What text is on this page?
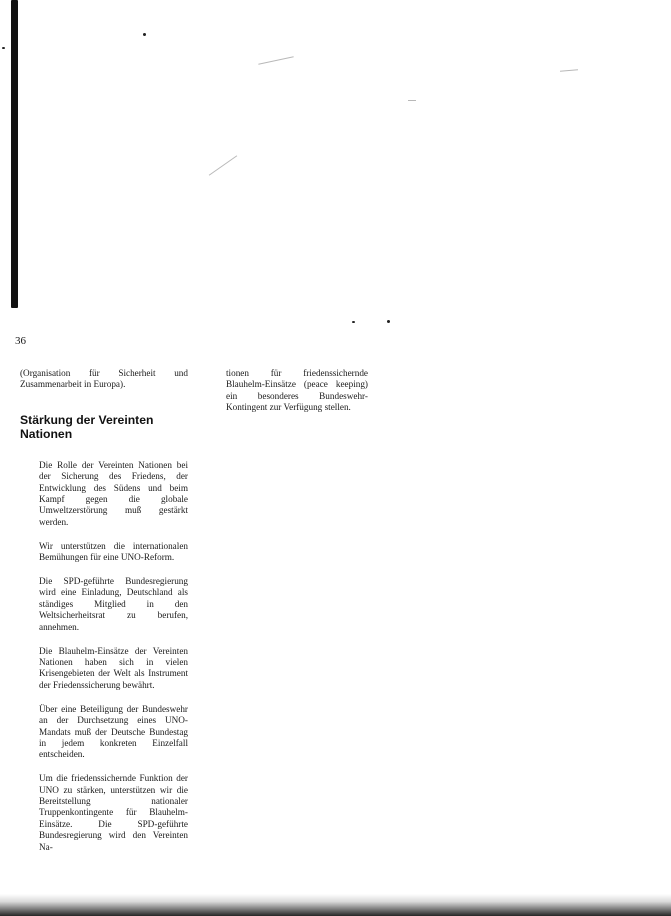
36

(Organisation für Sicherheit und Zusammenarbeit in Europa).

Stärkung der Vereinten Nationen

Die Rolle der Vereinten Nationen bei der Sicherung des Friedens, der Entwicklung des Südens und beim Kampf gegen die globale Umweltzerstörung muß gestärkt werden.

Wir unterstützen die internationalen Bemühungen für eine UNO-Reform.

Die SPD-geführte Bundesregierung wird eine Einladung, Deutschland als ständiges Mitglied in den Weltsicherheitsrat zu berufen, annehmen.

Die Blauhelm-Einsätze der Vereinten Nationen haben sich in vielen Krisengebieten der Welt als Instrument der Friedenssicherung bewährt.

Über eine Beteiligung der Bundeswehr an der Durchsetzung eines UNO-Mandats muß der Deutsche Bundestag in jedem konkreten Einzelfall entscheiden.

Um die friedenssichernde Funktion der UNO zu stärken, unterstützen wir die Bereitstellung nationaler Truppenkontingente für Blauhelm-Einsätze. Die SPD-geführte Bundesregierung wird den Vereinten Na-

tionen für friedenssichernde Blauhelm-Einsätze (peace keeping) ein besonderes Bundeswehr-Kontingent zur Verfügung stellen.
